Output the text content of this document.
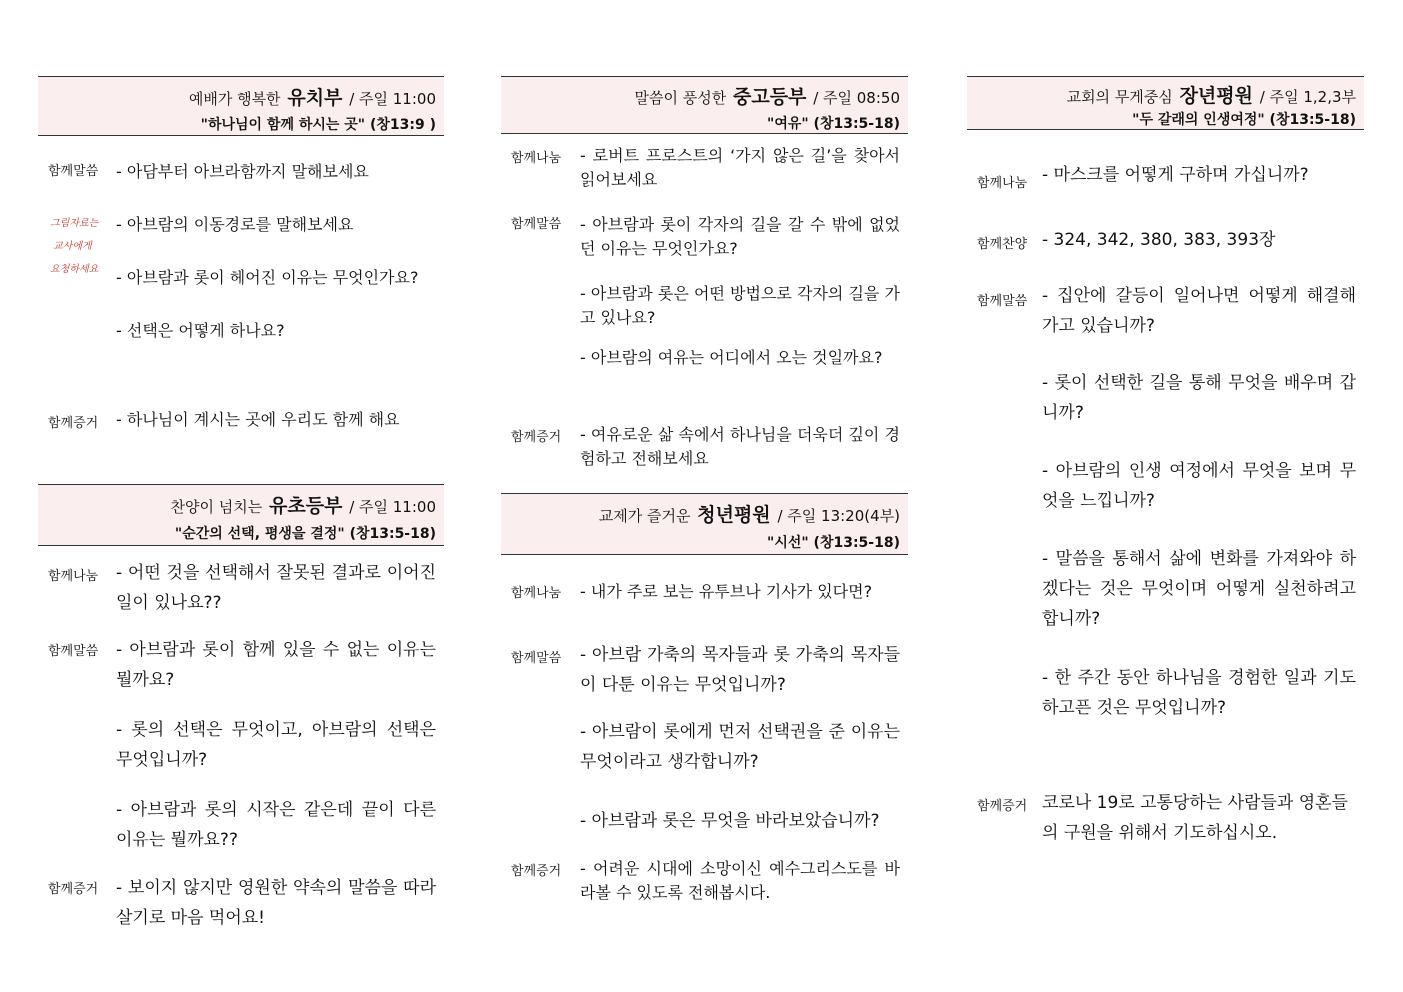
예배가 행복한 유치부 / 주일 11:00
"하나님이 함께 하시는 곳" (창13:9 )
함께말씀 - 아담부터 아브라함까지 말해보세요
그림자료는
교사에게
요청하세요
- 아브람의 이동경로를 말해보세요
- 아브람과 롯이 헤어진 이유는 무엇인가요?
- 선택은 어떻게 하나요?
함께증거 - 하나님이 계시는 곳에 우리도 함께 해요
찬양이 넘치는 유초등부 / 주일 11:00
"순간의 선택, 평생을 결정" (창13:5-18)
함께나눔 - 어떤 것을 선택해서 잘못된 결과로 이어진 일이 있나요??
함께말씀 - 아브람과 롯이 함께 있을 수 없는 이유는 뭘까요?
- 롯의 선택은 무엇이고, 아브람의 선택은 무엇입니까?
- 아브람과 롯의 시작은 같은데 끝이 다른 이유는 뭘까요??
함께증거 - 보이지 않지만 영원한 약속의 말씀을 따라 살기로 마음 먹어요!
말씀이 풍성한 중고등부 / 주일 08:50
"여유" (창13:5-18)
함께나눔 - 로버트 프로스트의 ‘가지 않은 길’을 찾아서 읽어보세요
함께말씀 - 아브람과 롯이 각자의 길을 갈 수 밖에 없었던 이유는 무엇인가요?
- 아브람과 롯은 어떤 방법으로 각자의 길을 가고 있나요?
- 아브람의 여유는 어디에서 오는 것일까요?
함께증거 - 여유로운 삶 속에서 하나님을 더욱더 깊이 경험하고 전해보세요
교제가 즐거운 청년평원 / 주일 13:20(4부)
"시선" (창13:5-18)
함께나눔 - 내가 주로 보는 유투브나 기사가 있다면?
함께말씀 - 아브람 가축의 목자들과 롯 가축의 목자들이 다툰 이유는 무엇입니까?
- 아브람이 롯에게 먼저 선택권을 준 이유는 무엇이라고 생각합니까?
- 아브람과 롯은 무엇을 바라보았습니까?
함께증거 - 어려운 시대에 소망이신 예수그리스도를 바라볼 수 있도록 전해봅시다.
교회의 무게중심 장년평원 / 주일 1,2,3부
"두 갈래의 인생여정" (창13:5-18)
함께나눔 - 마스크를 어떻게 구하며 가십니까?
함께찬양 - 324, 342, 380, 383, 393장
함께말씀 - 집안에 갈등이 일어나면 어떻게 해결해 가고 있습니까?
- 롯이 선택한 길을 통해 무엇을 배우며 갑니까?
- 아브람의 인생 여정에서 무엇을 보며 무엇을 느낍니까?
- 말씀을 통해서 삶에 변화를 가져와야 하겠다는 것은 무엇이며 어떻게 실천하려고 합니까?
- 한 주간 동안 하나님을 경험한 일과 기도하고픈 것은 무엇입니까?
함께증거 코로나 19로 고통당하는 사람들과 영혼들의 구원을 위해서 기도하십시오.
